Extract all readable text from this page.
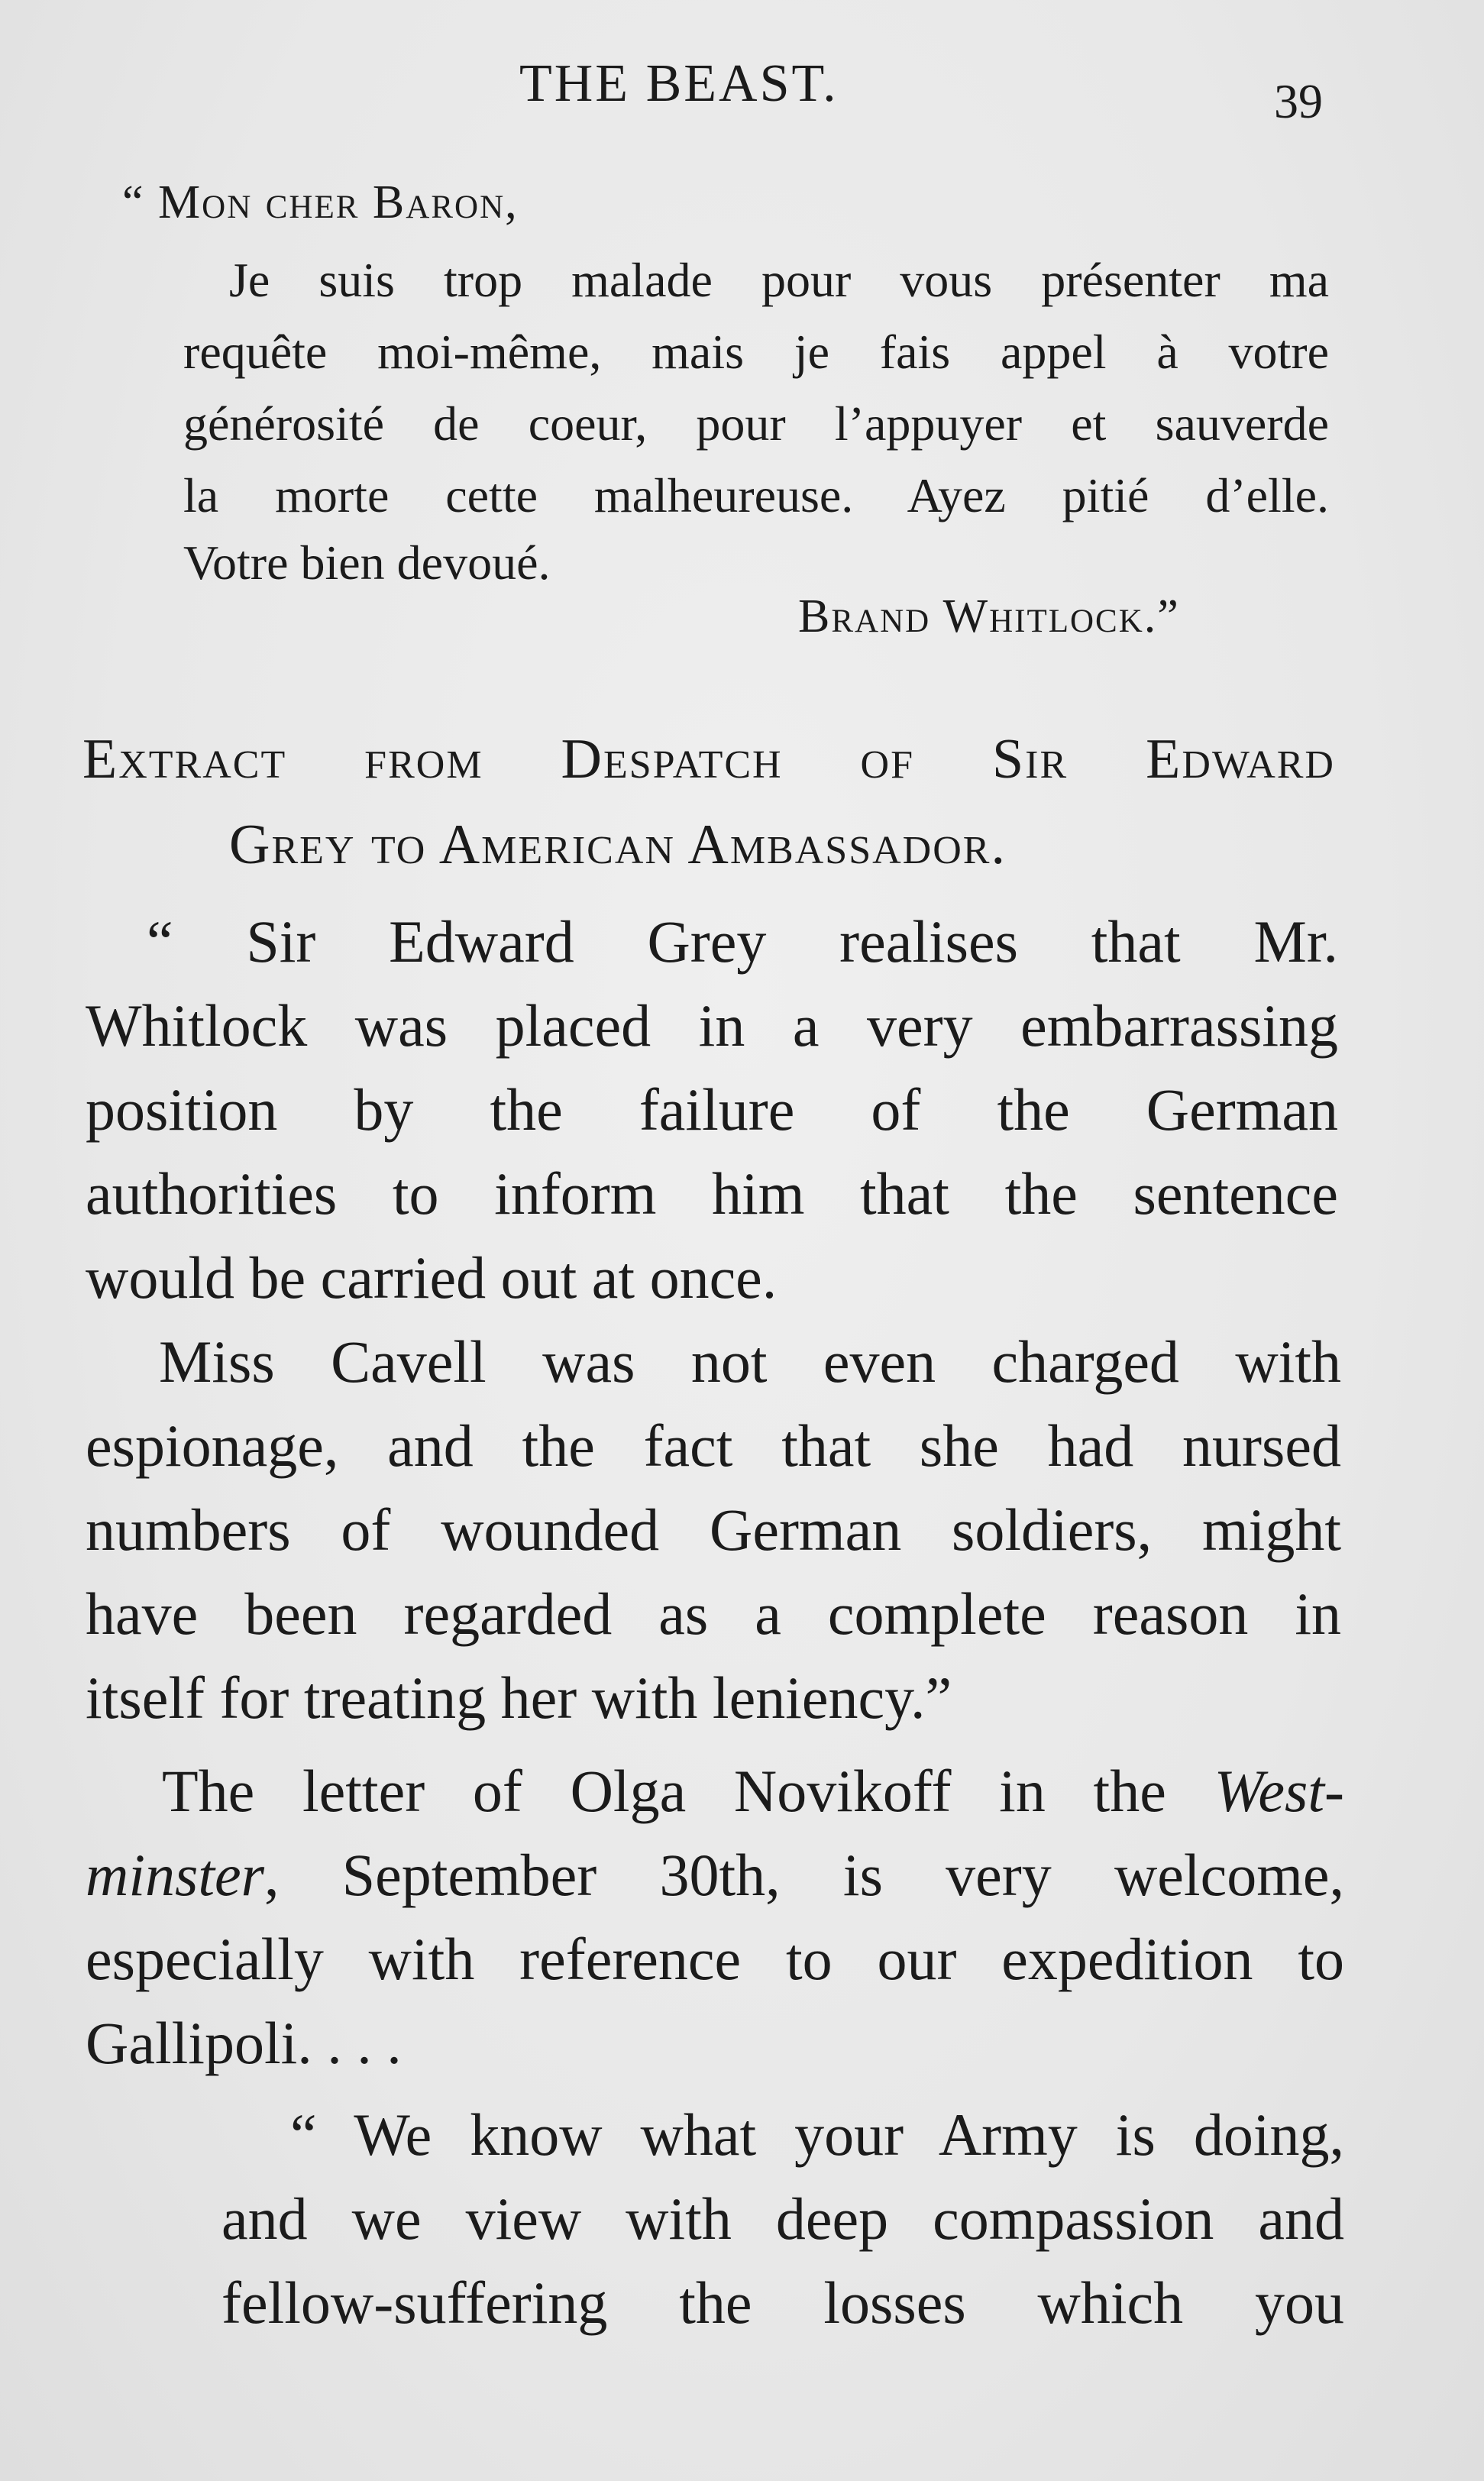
THE BEAST.	39
“ Mon cher Baron,
Je suis trop malade pour vous présenter ma
requête moi-même, mais je fais appel à votre
générosité de coeur, pour l’appuyer et sauverde
la morte cette malheureuse. Ayez pitié d’elle.
Votre bien devoué.
Brand Whitlock.”
Extract from Despatch of Sir Edward
Grey to American Ambassador.
“ Sir Edward Grey realises that Mr.
Whitlock was placed in a very embarrassing
position by the failure of the German
authorities to inform him that the sentence
would be carried out at once.
Miss Cavell was not even charged with
espionage, and the fact that she had nursed
numbers of wounded German soldiers, might
have been regarded as a complete reason in
itself for treating her with leniency.”
The letter of Olga Novikoff in the West-
minster, September 30th, is very welcome,
especially with reference to our expedition to
Gallipoli. . . .
“ We know what your Army is doing,
and we view with deep compassion and
fellow-suffering the losses which you
